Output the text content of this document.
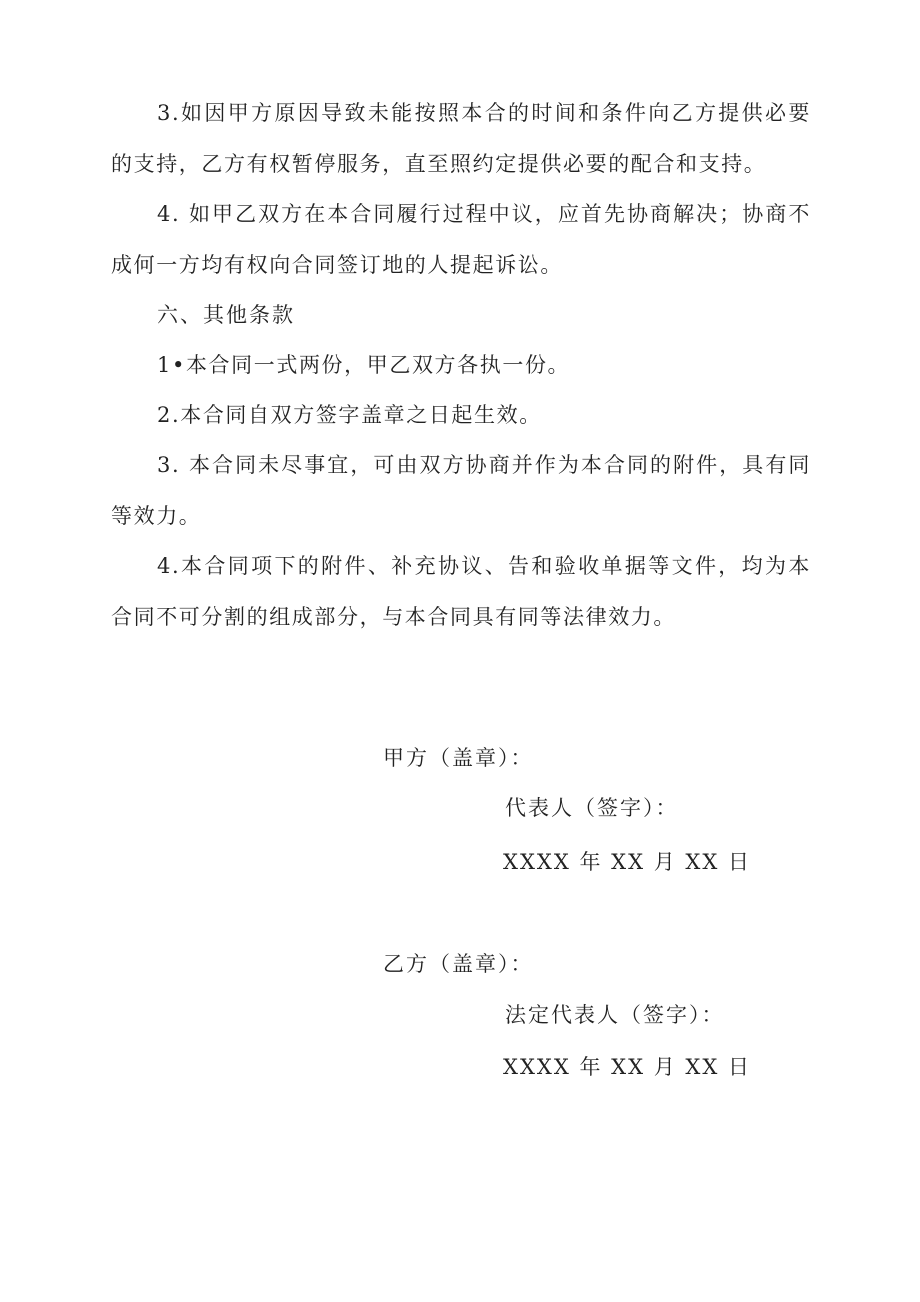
3.如因甲方原因导致未能按照本合的时间和条件向乙方提供必要的支持，乙方有权暂停服务，直至照约定提供必要的配合和支持。

4. 如甲乙双方在本合同履行过程中议，应首先协商解决；协商不成何一方均有权向合同签订地的人提起诉讼。

六、其他条款

1•本合同一式两份，甲乙双方各执一份。

2.本合同自双方签字盖章之日起生效。

3. 本合同未尽事宜，可由双方协商并作为本合同的附件，具有同等效力。

4.本合同项下的附件、补充协议、告和验收单据等文件，均为本合同不可分割的组成部分，与本合同具有同等法律效力。

甲方（盖章）：

代表人（签字）：

XXXX 年 XX 月 XX 日

乙方（盖章）：

法定代表人（签字）：

XXXX 年 XX 月 XX 日
